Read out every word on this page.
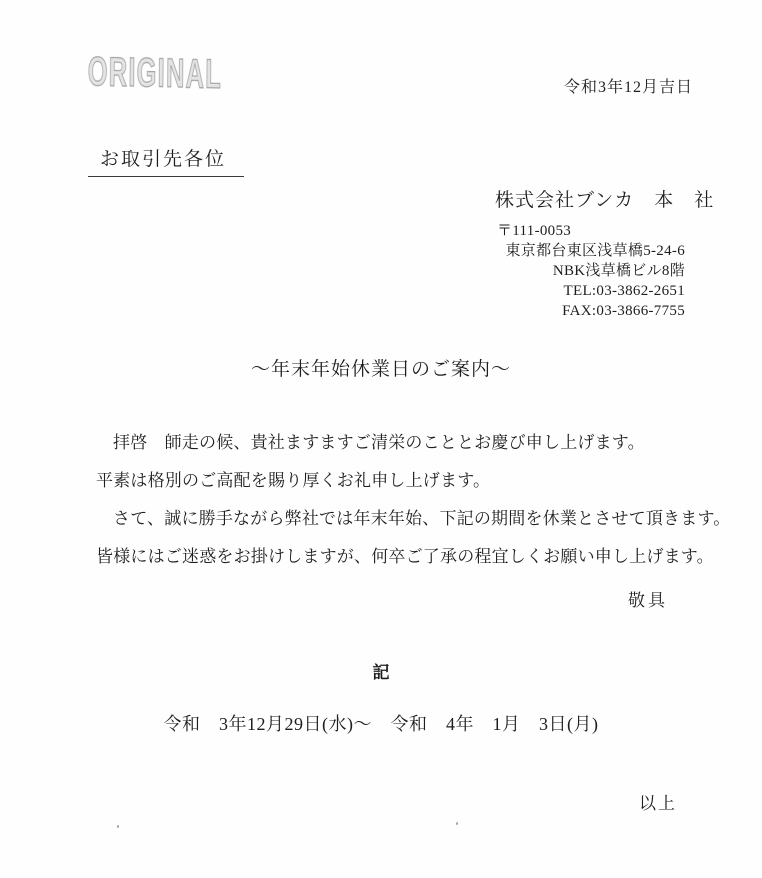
ORIGINAL	令和3年12月吉日
お取引先各位
株式会社ブンカ　本　社
〒111-0053
東京都台東区浅草橋5-24-6
NBK浅草橋ビル8階
TEL:03-3862-2651
FAX:03-3866-7755
～年末年始休業日のご案内～

拝啓　師走の候、貴社ますますご清栄のこととお慶び申し上げます。

平素は格別のご高配を賜り厚くお礼申し上げます。

さて、誠に勝手ながら弊社では年末年始、下記の期間を休業とさせて頂きます。

皆様にはご迷惑をお掛けしますが、何卒ご了承の程宜しくお願い申し上げます。

敬具
記
令和　3年12月29日(水)～　令和　4年　1月　3日(月)
以上
